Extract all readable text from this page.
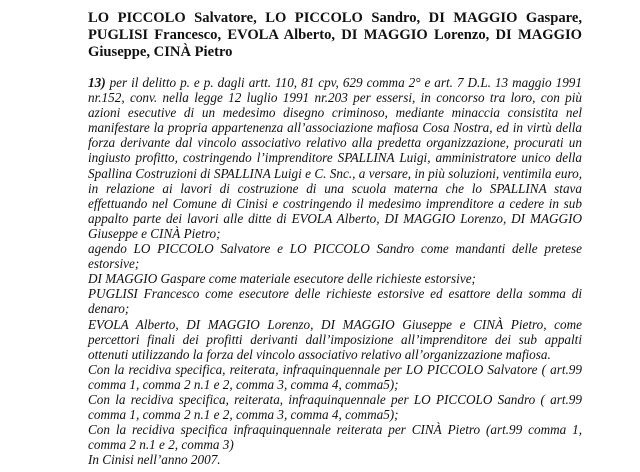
LO PICCOLO Salvatore, LO PICCOLO Sandro, DI MAGGIO Gaspare, PUGLISI Francesco, EVOLA Alberto, DI MAGGIO Lorenzo, DI MAGGIO Giuseppe, CINÀ Pietro

13) per il delitto p. e p. dagli artt. 110, 81 cpv, 629 comma 2° e art. 7 D.L. 13 maggio 1991 nr.152, conv. nella legge 12 luglio 1991 nr.203 per essersi, in concorso tra loro, con più azioni esecutive di un medesimo disegno criminoso, mediante minaccia consistita nel manifestare la propria appartenenza all’associazione mafiosa Cosa Nostra, ed in virtù della forza derivante dal vincolo associativo relativo alla predetta organizzazione, procurati un ingiusto profitto, costringendo l’imprenditore SPALLINA Luigi, amministratore unico della Spallina Costruzioni di SPALLINA Luigi e C. Snc., a versare, in più soluzioni, ventimila euro, in relazione ai lavori di costruzione di una scuola materna che lo SPALLINA stava effettuando nel Comune di Cinisi e costringendo il medesimo imprenditore a cedere in sub appalto parte dei lavori alle ditte di EVOLA Alberto, DI MAGGIO Lorenzo, DI MAGGIO Giuseppe e CINÀ Pietro;

agendo LO PICCOLO Salvatore e LO PICCOLO Sandro come mandanti delle pretese estorsive;

DI MAGGIO Gaspare come materiale esecutore delle richieste estorsive;

PUGLISI Francesco come esecutore delle richieste estorsive ed esattore della somma di denaro;

EVOLA Alberto, DI MAGGIO Lorenzo, DI MAGGIO Giuseppe e CINÀ Pietro, come percettori finali dei profitti derivanti dall’imposizione all’imprenditore dei sub appalti ottenuti utilizzando la forza del vincolo associativo relativo all’organizzazione mafiosa.

Con la recidiva specifica, reiterata, infraquinquennale per LO PICCOLO Salvatore ( art.99 comma 1, comma 2 n.1 e 2, comma 3, comma 4, comma5);

Con la recidiva specifica, reiterata, infraquinquennale per LO PICCOLO Sandro ( art.99 comma 1, comma 2 n.1 e 2, comma 3, comma 4, comma5);

Con la recidiva specifica infraquinquennale reiterata per CINÀ Pietro (art.99 comma 1, comma 2 n.1 e 2, comma 3)

In Cinisi nell’anno 2007.
